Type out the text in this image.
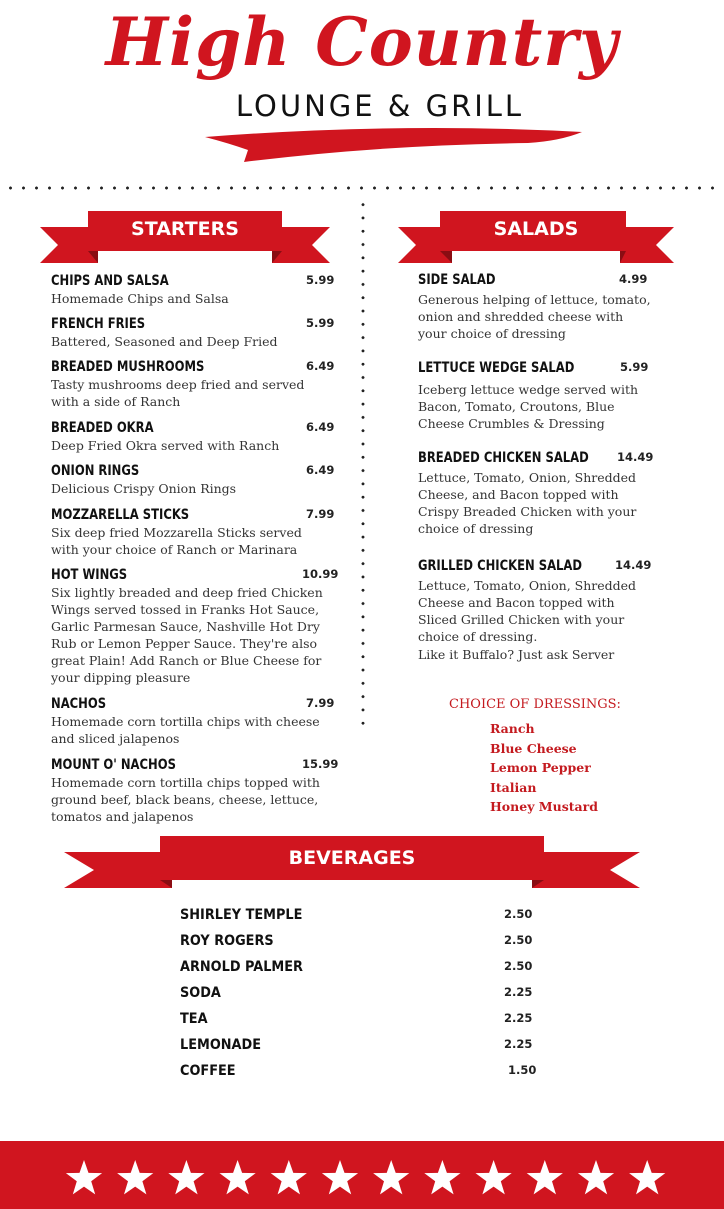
High Country
LOUNGE & GRILL
STARTERS	SALADS
CHIPS AND SALSA	5.99
Homemade Chips and Salsa
FRENCH FRIES	5.99
Battered, Seasoned and Deep Fried
BREADED MUSHROOMS	6.49
Tasty mushrooms deep fried and served with a side of Ranch
BREADED OKRA	6.49
Deep Fried Okra served with Ranch
ONION RINGS	6.49
Delicious Crispy Onion Rings
MOZZARELLA STICKS	7.99
Six deep fried Mozzarella Sticks served with your choice of Ranch or Marinara
HOT WINGS	10.99
Six lightly breaded and deep fried Chicken Wings served tossed in Franks Hot Sauce, Garlic Parmesan Sauce, Nashville Hot Dry Rub or Lemon Pepper Sauce. They're also great Plain! Add Ranch or Blue Cheese for your dipping pleasure
NACHOS	7.99
Homemade corn tortilla chips with cheese and sliced jalapenos
MOUNT O' NACHOS	15.99
Homemade corn tortilla chips topped with ground beef, black beans, cheese, lettuce, tomatos and jalapenos
SIDE SALAD	4.99
Generous helping of lettuce, tomato, onion and shredded cheese with your choice of dressing
LETTUCE WEDGE SALAD	5.99
Iceberg lettuce wedge served with Bacon, Tomato, Croutons, Blue Cheese Crumbles & Dressing
BREADED CHICKEN SALAD 14.49
Lettuce, Tomato, Onion, Shredded Cheese, and Bacon topped with Crispy Breaded Chicken with your choice of dressing
GRILLED CHICKEN SALAD	14.49
Lettuce, Tomato, Onion, Shredded Cheese and Bacon topped with Sliced Grilled Chicken with your choice of dressing.
Like it Buffalo? Just ask Server
CHOICE OF DRESSINGS:
Ranch
Blue Cheese
Lemon Pepper
Italian
Honey Mustard
BEVERAGES
SHIRLEY TEMPLE	2.50
ROY ROGERS	2.50
ARNOLD PALMER	2.50
SODA	2.25
TEA	2.25
LEMONADE	2.25
COFFEE	1.50
